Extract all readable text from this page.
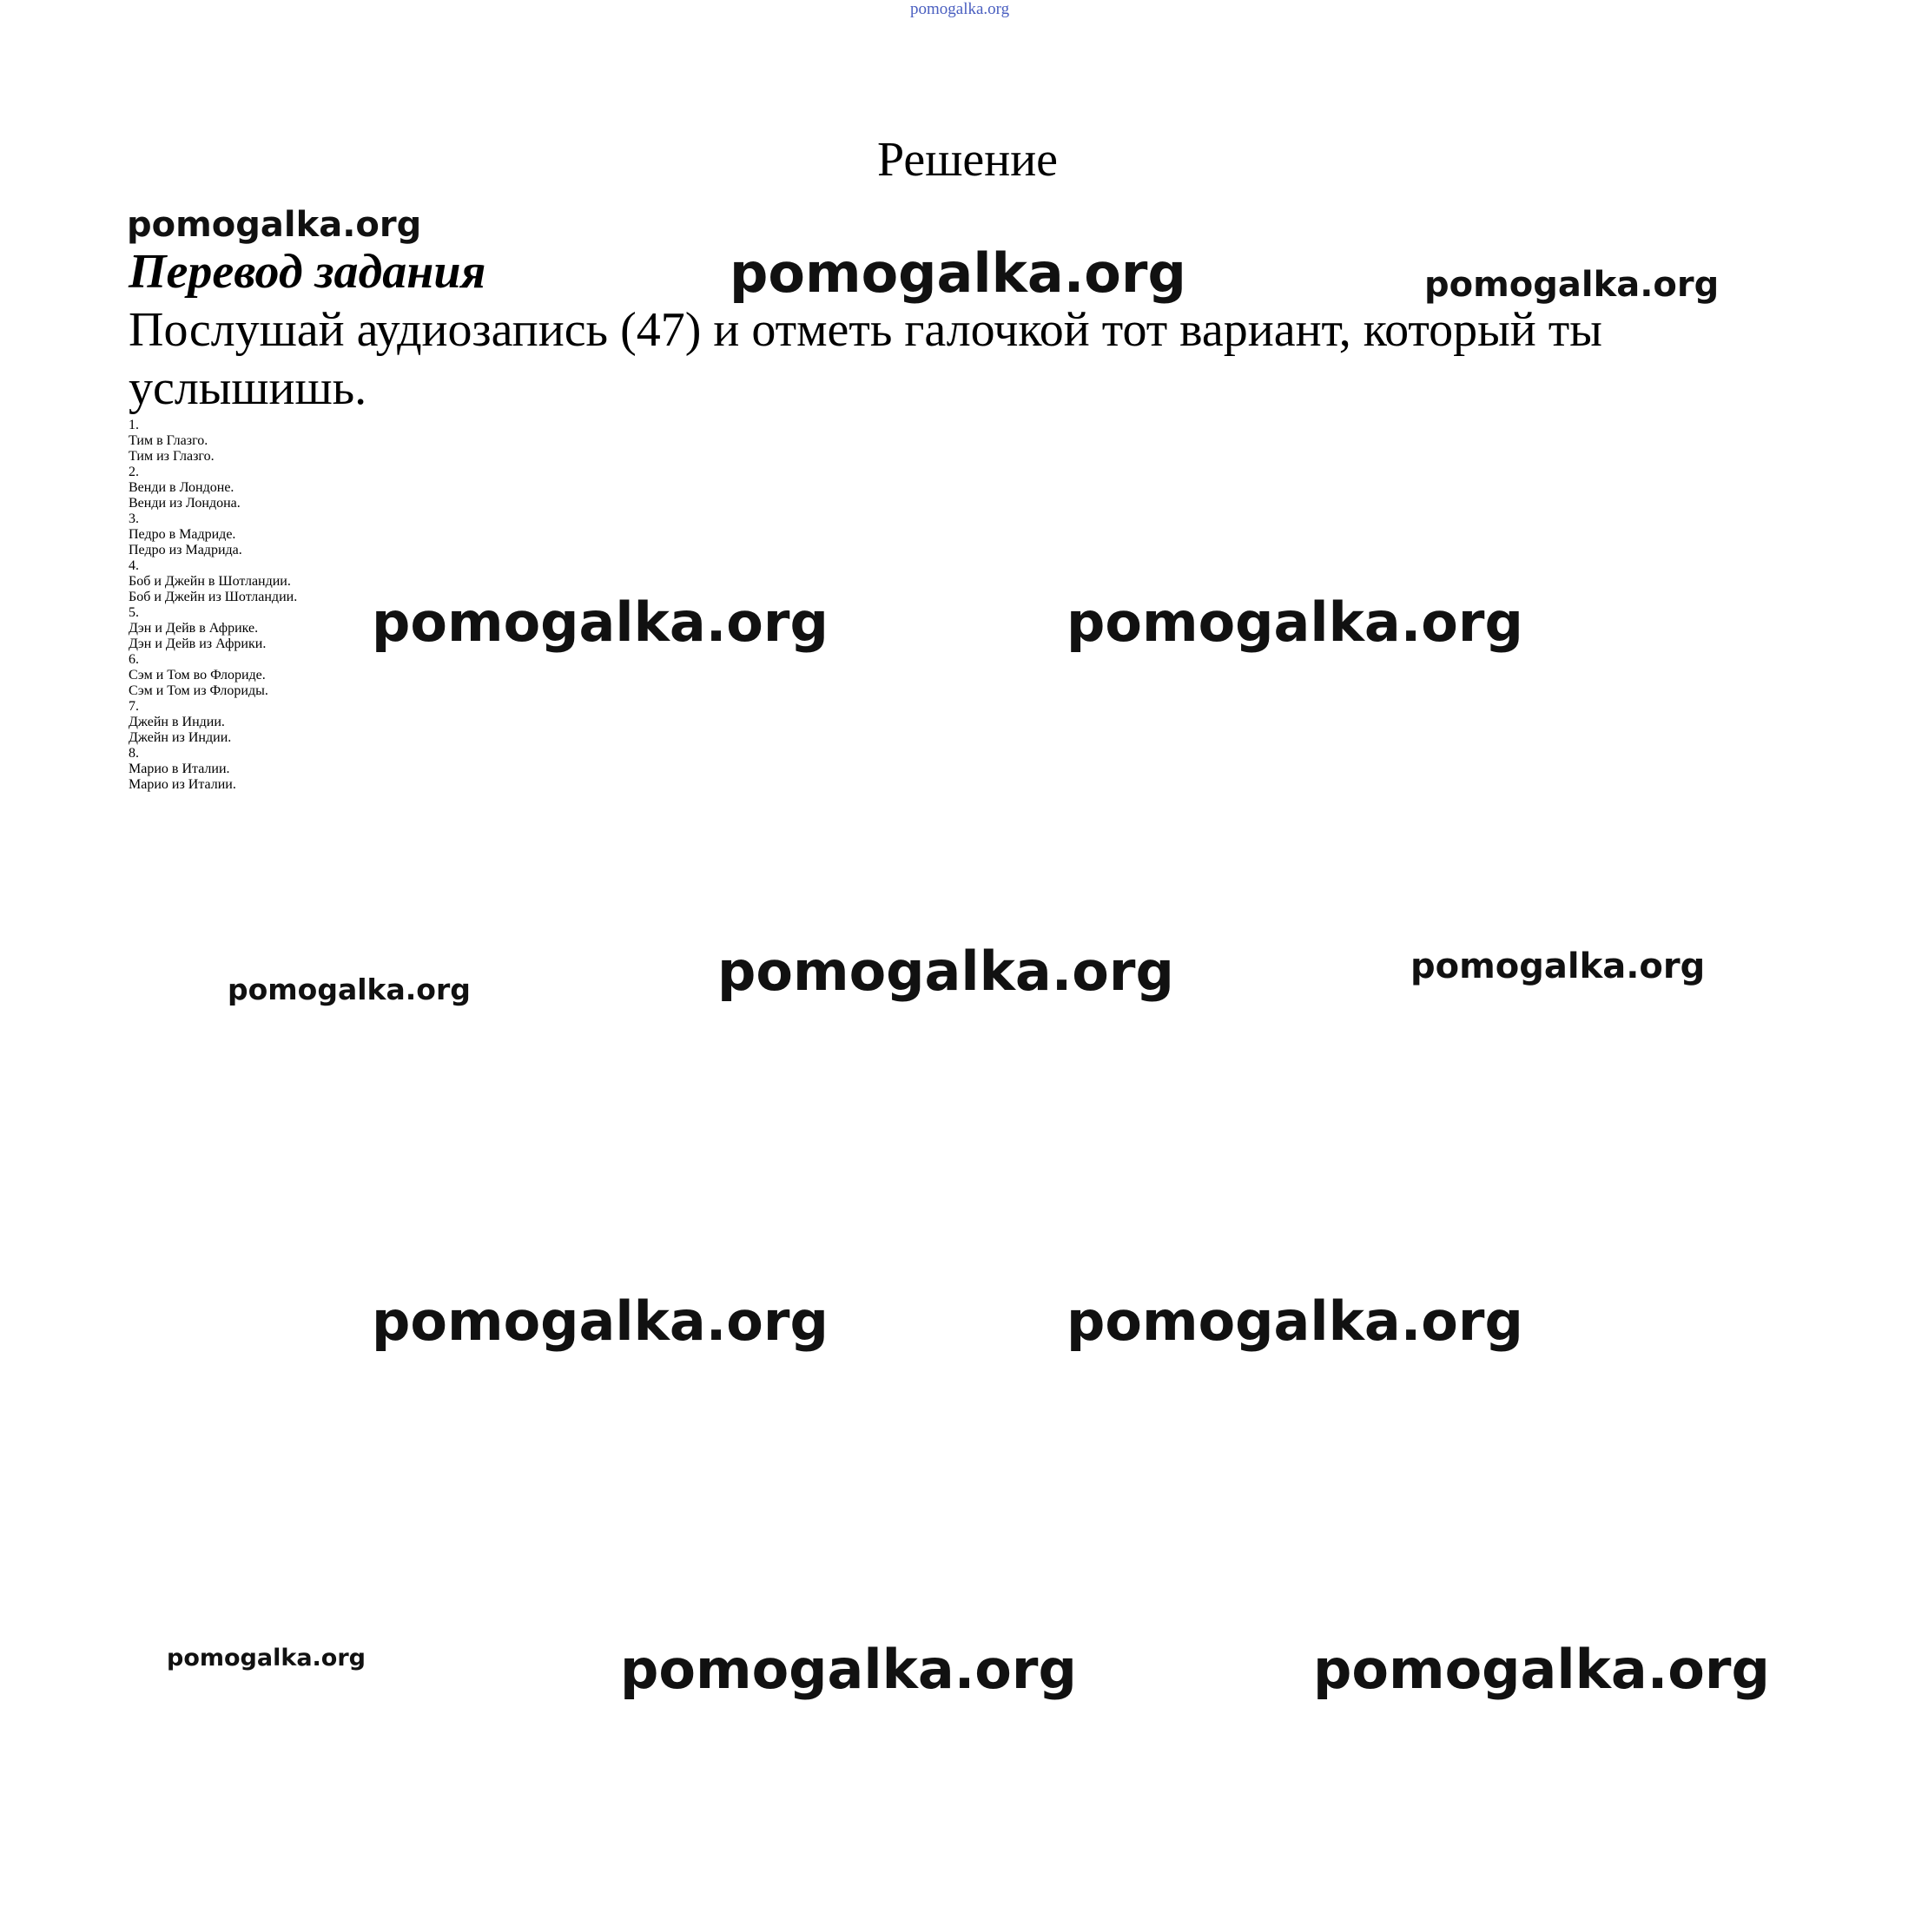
pomogalka.org
Решение
Перевод задания
Послушай аудиозапись (47) и отметь галочкой тот вариант, который ты услышишь.
1.
Тим в Глазго.
Тим из Глазго.
2.
Венди в Лондоне.
Венди из Лондона.
3.
Педро в Мадриде.
Педро из Мадрида.
4.
Боб и Джейн в Шотландии.
Боб и Джейн из Шотландии.
5.
Дэн и Дейв в Африке.
Дэн и Дейв из Африки.
6.
Сэм и Том во Флориде.
Сэм и Том из Флориды.
7.
Джейн в Индии.
Джейн из Индии.
8.
Марио в Италии.
Марио из Италии.
pomogalka.org
pomogalka.org	pomogalka.org
pomogalka.org	pomogalka.org
pomogalka.org	pomogalka.org	pomogalka.org
pomogalka.org	pomogalka.org
pomogalka.org	pomogalka.org	pomogalka.org
